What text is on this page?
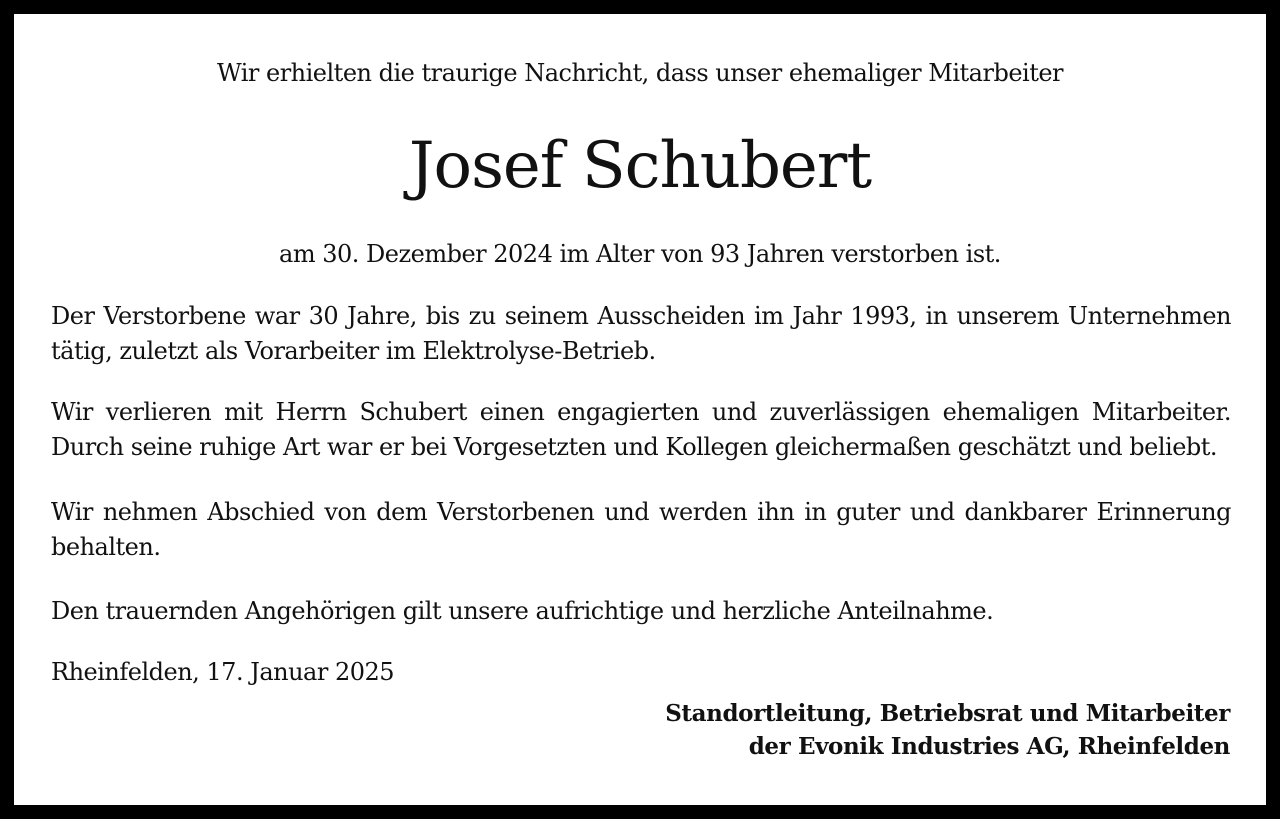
Wir erhielten die traurige Nachricht, dass unser ehemaliger Mitarbeiter
Josef Schubert
am 30. Dezember 2024 im Alter von 93 Jahren verstorben ist.

Der Verstorbene war 30 Jahre, bis zu seinem Ausscheiden im Jahr 1993, in unserem Unternehmen tätig, zuletzt als Vorarbeiter im Elektrolyse-Betrieb.

Wir verlieren mit Herrn Schubert einen engagierten und zuverlässigen ehemaligen Mitarbeiter. Durch seine ruhige Art war er bei Vorgesetzten und Kollegen gleichermaßen geschätzt und beliebt.

Wir nehmen Abschied von dem Verstorbenen und werden ihn in guter und dankbarer Erinnerung behalten.

Den trauernden Angehörigen gilt unsere aufrichtige und herzliche Anteilnahme.

Rheinfelden, 17. Januar 2025
Standortleitung, Betriebsrat und Mitarbeiter
der Evonik Industries AG, Rheinfelden
